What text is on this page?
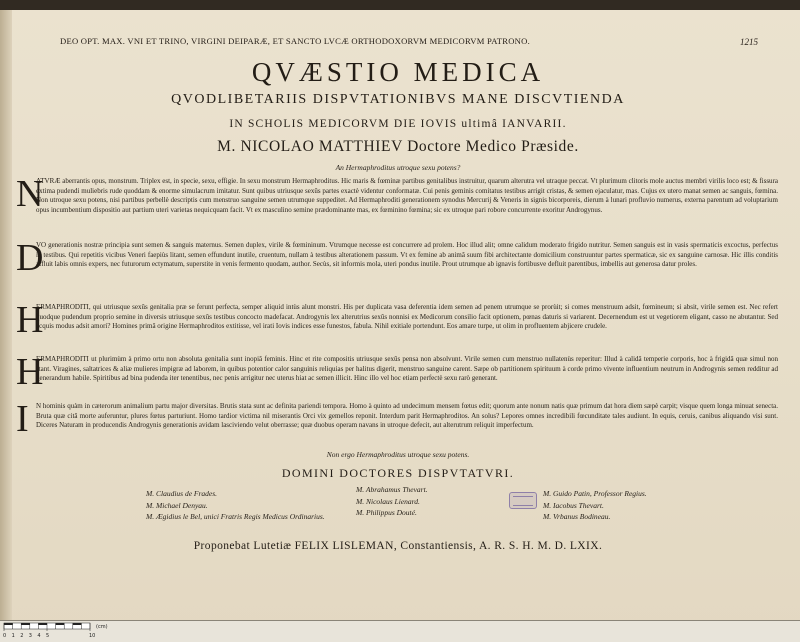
DEO OPT. MAX. VNI ET TRINO, VIRGINI DEIPARÆ, ET SANCTO LVCÆ ORTHODOXORVM MEDICORVM PATRONO.	1215
QVÆSTIO MEDICA
QVODLIBETARIIS DISPVTATIONIBVS MANE DISCVTIENDA
IN SCHOLIS MEDICORVM DIE IOVIS ultimâ IANVARII.
M. NICOLAO MATTHIEV Doctore Medico Præside.
An Hermaphroditus utroque sexu potens?
N
ATVRÆ aberrantis opus, monstrum. Triplex est, in specie, sexu, effigie. In sexu monstrum Hermaphroditus. Hic maris & fœminæ partibus genitalibus instruitur, quarum alterutra vel utraque peccat. Vt plurimum clitoris mole auctus membri virilis loco est; & fissura extima pudendi muliebris rude quoddam & enorme simulacrum imitatur. Sunt quibus utriusque sexûs partes exactè videntur conformatæ. Cui penis geminis comitatus testibus arrigit cristas, & semen ejaculatur, mas. Cujus ex utero manat semen ac sanguis, fœmina. Non utroque sexu potens, nisi partibus perbellè descriptis cum menstruo sanguine semen utrumque suppeditet. Ad Hermaphroditi generationem synodus Mercurij & Veneris in signis bicorporeis, dierum à lunari profluvio numerus, externa parentum ad voluptarium opus incumbentium dispositio aut partium uteri varietas nequicquam facit. Vt ex masculino semine prædominante mas, ex fœminino fœmina; sic ex utroque pari robore concurrente exoritur Androgynus.
D
VO generationis nostræ principia sunt semen & sanguis maternus. Semen duplex, virile & fœmininum. Vtrumque necesse est concurrere ad prolem. Hoc illud alit; omne calidum moderato frigido nutritur. Semen sanguis est in vasis spermaticis excoctus, perfectus in testibus. Qui repetitis vicibus Veneri faepiùs litant, semen effundunt inutile, cruentum, nullam à testibus alterationem passum. Vt ex femine ab animâ suum fibi architectante domicilium construuntur partes spermaticæ, sic ex sanguine carnosæ. Hic illis conditis affluit labis omnis expers, nec futurorum ectymatum, superstite in venis fermento quodam, author. Secùs, sit informis mola, uteri pondus inutile. Prout utrumque ab ignavis fortibusve defluit parentibus, imbellis aut generosa datur proles.
H
ERMAPHRODITI, qui utriusque sexûs genitalia præ se ferunt perfecta, semper aliquid intùs alunt monstri. His per duplicata vasa deferentia idem semen ad penem utrumque se prorùit; si comes menstruum adsit, fœmineum; si absit, virile semen est. Nec refert quodque pudendum proprio semine in diversis utriusque sexûs testibus concocto madefacat. Androgynis lex alterutrius sexûs nonnisi ex Medicorum consilio facit optionem, pœnas daturis si variarent. Decernendum est ut vegetiorem eligant, casso ne abutantur. Sed ecquis modus adsit amori? Homines primâ origine Hermaphroditos extitisse, vel irati Iovis indices esse funestos, fabula. Nihil exitiale portendunt. Eos amare turpe, ut olim in profluentem abjicere crudele.
H
ERMAPHRODITI ut plurimùm à primo ortu non absoluta genitalia sunt inopiâ feminis. Hinc et rite compositis utriusque sexûs pensa non absolvunt. Virile semen cum menstruo nullatenùs reperitur: Illud à calidâ temperie corporis, hoc à frigidâ quæ simul non stant. Viragines, saltatrices & aliæ mulieres impigræ ad laborem, in quibus potentior calor sanguinis reliquias per halitus digerit, menstruo sanguine carent. Sæpe ob partitionem spirituum à corde primo vivente influentium neutrum in Androgynis semen redditur ad generandum habile. Spiritibus ad bina pudenda iter tenentibus, nec penis arrigitur nec uterus hiat ac semen illicit. Hinc illo vel hoc etiam perfectè sexu rarò generant.
I N hominis quàm in cæterorum animalium partu major diversitas. Brutis stata sunt ac definita pariendi tempora. Homo à quinto ad undecimum mensem fœtus edit; quorum ante nonum natis quæ primum dat hora diem sæpè carpit; visque quem longa minuat senecta. Bruta quæ citâ morte auferuntur, plures fœtus parturiunt. Homo tardior victima nil miserantis Orci vix gemellos reponit. Interdum parit Hermaphroditos. An solus? Lepores omnes incredibili fœcunditate tales audiunt. In equis, ceruis, canibus aliquando visi sunt. Diceres Naturam in producendis Androgynis generationis avidam lasciviendo velut oberrasse; quæ duobus operam navans in utroque defecit, aut alterutrum reliquit imperfectum.
Non ergo Hermaphroditus utroque sexu potens.
DOMINI DOCTORES DISPVTATVRI.
M. Claudius de Frades.
M. Michael Denyau.
M. Ægidius le Bel, unici Fratris Regis Medicus Ordinarius.
M. Abrahamus Thevart.
M. Nicolaus Lienard.
M. Philippus Douté.
M. Guido Patin, Professor Regius.
M. Iacobus Thevart.
M. Vrbanus Bodineau.
Proponebat Lutetiæ FELIX LISLEMAN, Constantiensis, A. R. S. H. M. D. LXIX.
0 1 2 3 4 5	10
(cm)
